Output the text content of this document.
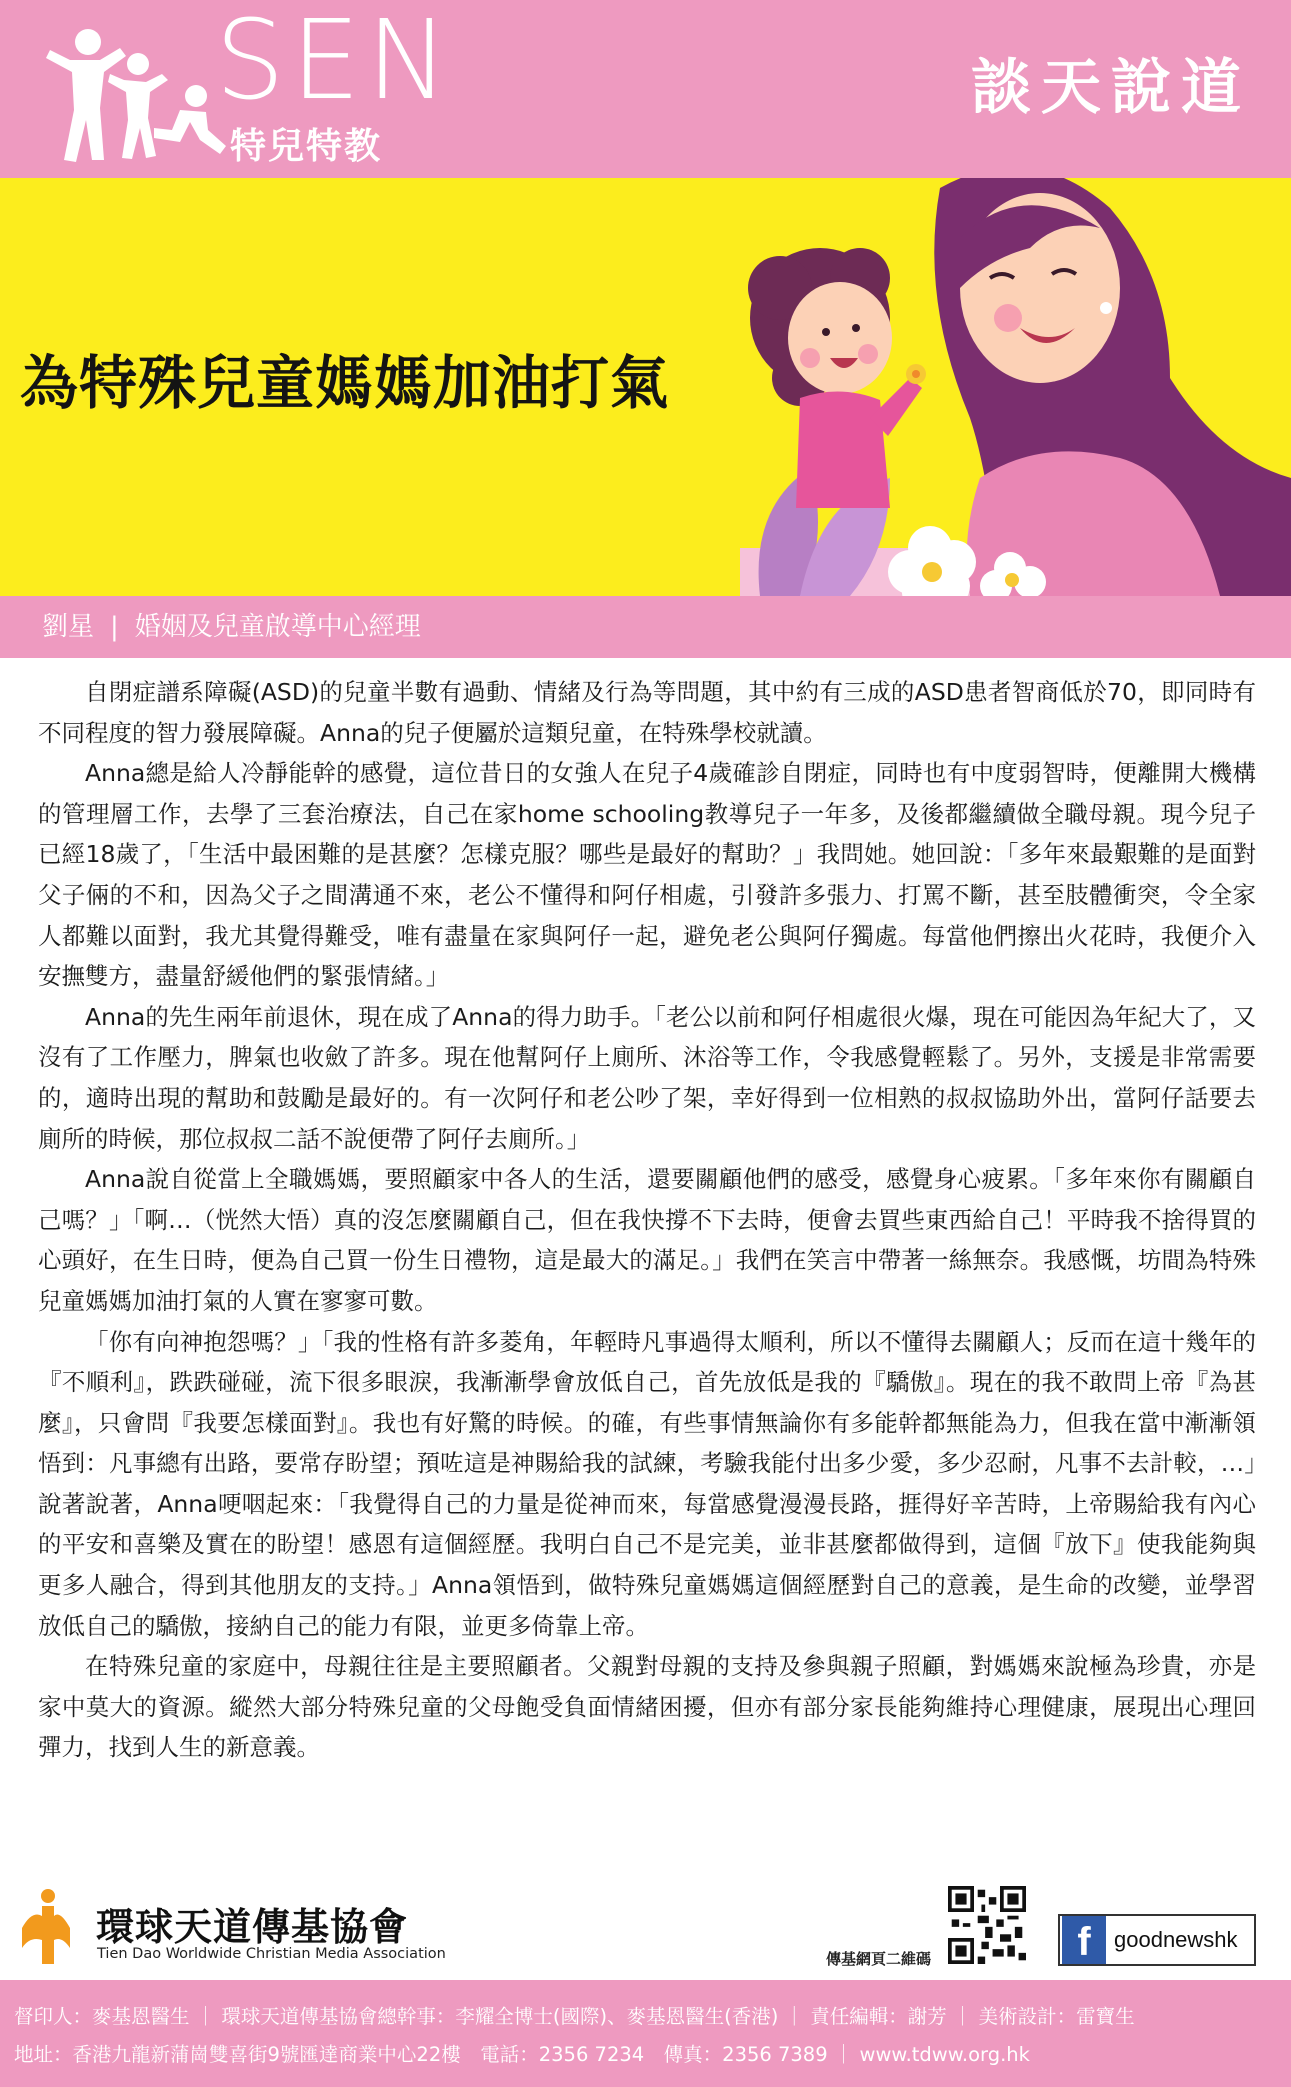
SEN
特兒特教
談天說道
為特殊兒童媽媽加油打氣
劉星 | 婚姻及兒童啟導中心經理

自閉症譜系障礙(ASD)的兒童半數有過動、情緒及行為等問題，其中約有三成的ASD患者智商低於70，即同時有不同程度的智力發展障礙。Anna的兒子便屬於這類兒童，在特殊學校就讀。

Anna總是給人冷靜能幹的感覺，這位昔日的女強人在兒子4歲確診自閉症，同時也有中度弱智時，便離開大機構的管理層工作，去學了三套治療法，自己在家home schooling教導兒子一年多，及後都繼續做全職母親。現今兒子已經18歲了，「生活中最困難的是甚麼？怎樣克服？哪些是最好的幫助？」我問她。她回說：「多年來最艱難的是面對父子倆的不和，因為父子之間溝通不來，老公不懂得和阿仔相處，引發許多張力、打罵不斷，甚至肢體衝突，令全家人都難以面對，我尤其覺得難受，唯有盡量在家與阿仔一起，避免老公與阿仔獨處。每當他們擦出火花時，我便介入安撫雙方，盡量舒緩他們的緊張情緒。」

Anna的先生兩年前退休，現在成了Anna的得力助手。「老公以前和阿仔相處很火爆，現在可能因為年紀大了，又沒有了工作壓力，脾氣也收斂了許多。現在他幫阿仔上廁所、沐浴等工作，令我感覺輕鬆了。另外，支援是非常需要的，適時出現的幫助和鼓勵是最好的。有一次阿仔和老公吵了架，幸好得到一位相熟的叔叔協助外出，當阿仔話要去廁所的時候，那位叔叔二話不說便帶了阿仔去廁所。」

Anna說自從當上全職媽媽，要照顧家中各人的生活，還要關顧他們的感受，感覺身心疲累。「多年來你有關顧自己嗎？」「啊…（恍然大悟）真的沒怎麼關顧自己，但在我快撐不下去時，便會去買些東西給自己！平時我不捨得買的心頭好，在生日時，便為自己買一份生日禮物，這是最大的滿足。」我們在笑言中帶著一絲無奈。我感慨，坊間為特殊兒童媽媽加油打氣的人實在寥寥可數。

「你有向神抱怨嗎？」「我的性格有許多菱角，年輕時凡事過得太順利，所以不懂得去關顧人；反而在這十幾年的『不順利』，跌跌碰碰，流下很多眼淚，我漸漸學會放低自己，首先放低是我的『驕傲』。現在的我不敢問上帝『為甚麼』，只會問『我要怎樣面對』。我也有好驚的時候。的確，有些事情無論你有多能幹都無能為力，但我在當中漸漸領悟到：凡事總有出路，要常存盼望；預咗這是神賜給我的試練，考驗我能付出多少愛，多少忍耐，凡事不去計較，…」說著說著，Anna哽咽起來：「我覺得自己的力量是從神而來，每當感覺漫漫長路，捱得好辛苦時，上帝賜給我有內心的平安和喜樂及實在的盼望！感恩有這個經歷。我明白自己不是完美，並非甚麼都做得到，這個『放下』使我能夠與更多人融合，得到其他朋友的支持。」Anna領悟到，做特殊兒童媽媽這個經歷對自己的意義，是生命的改變，並學習放低自己的驕傲，接納自己的能力有限，並更多倚靠上帝。

在特殊兒童的家庭中，母親往往是主要照顧者。父親對母親的支持及參與親子照顧，對媽媽來說極為珍貴，亦是家中莫大的資源。縱然大部分特殊兒童的父母飽受負面情緒困擾，但亦有部分家長能夠維持心理健康，展現出心理回彈力，找到人生的新意義。

環球天道傳基協會
Tien Dao Worldwide Christian Media Association	傳基網頁二維碼	f	goodnewshk
督印人：麥基恩醫生 ｜ 環球天道傳基協會總幹事：李耀全博士(國際)、麥基恩醫生(香港) ｜ 責任編輯：謝芳 ｜ 美術設計：雷寶生
地址：香港九龍新蒲崗雙喜街9號匯達商業中心22樓　電話：2356 7234　傳真：2356 7389 ｜ www.tdww.org.hk
